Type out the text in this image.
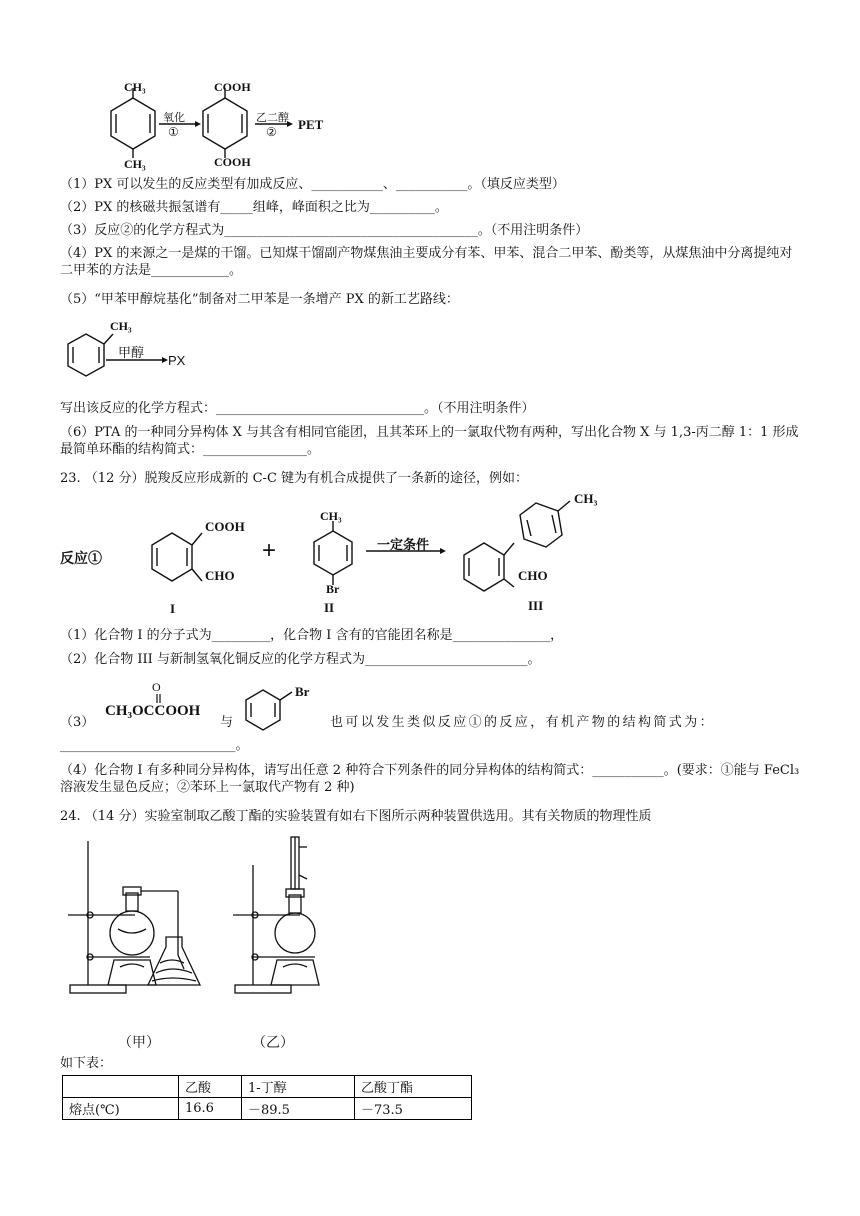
CH₃
CH₃
氧化
①
COOH
COOH
乙二醇
② PET
（1）PX 可以发生的反应类型有加成反应、___________、___________。（填反应类型）
（2）PX 的核磁共振氢谱有_____组峰，峰面积之比为__________。
（3）反应②的化学方程式为_______________________________________。（不用注明条件）
（4）PX 的来源之一是煤的干馏。已知煤干馏副产物煤焦油主要成分有苯、甲苯、混合二甲苯、酚类等，从煤焦油中分离提纯对二甲苯的方法是____________。
（5）“甲苯甲醇烷基化”制备对二甲苯是一条增产 PX 的新工艺路线：
CH₃
甲醇 PX
写出该反应的化学方程式：________________________________。（不用注明条件）
（6）PTA 的一种同分异构体 X 与其含有相同官能团，且其苯环上的一氯取代物有两种，写出化合物 X 与 1,3-丙二醇 1：1 形成最简单环酯的结构简式：________________。
23. （12 分）脱羧反应形成新的 C-C 键为有机合成提供了一条新的途径，例如：
反应①
COOH
CHO
I
+
CH₃
Br
II
一定条件
CH₃
CHO
III
（1）化合物 I 的分子式为_________，化合物 I 含有的官能团名称是_______________，
（2）化合物 III 与新制氢氧化铜反应的化学方程式为_________________________。
（3）
O
CH₃OCCOOH
与
Br
也可以发生类似反应①的反应，有机产物的结构简式为：
___________________________。
（4）化合物 I 有多种同分异构体，请写出任意 2 种符合下列条件的同分异构体的结构简式：___________。(要求：①能与 FeCl₃溶液发生显色反应；②苯环上一氯取代产物有 2 种)
24. （14 分）实验室制取乙酸丁酯的实验装置有如右下图所示两种装置供选用。其有关物质的物理性质
（甲）	（乙）
如下表：
	乙酸	1-丁醇	乙酸丁酯
熔点(℃)	16.6	－89.5	－73.5
